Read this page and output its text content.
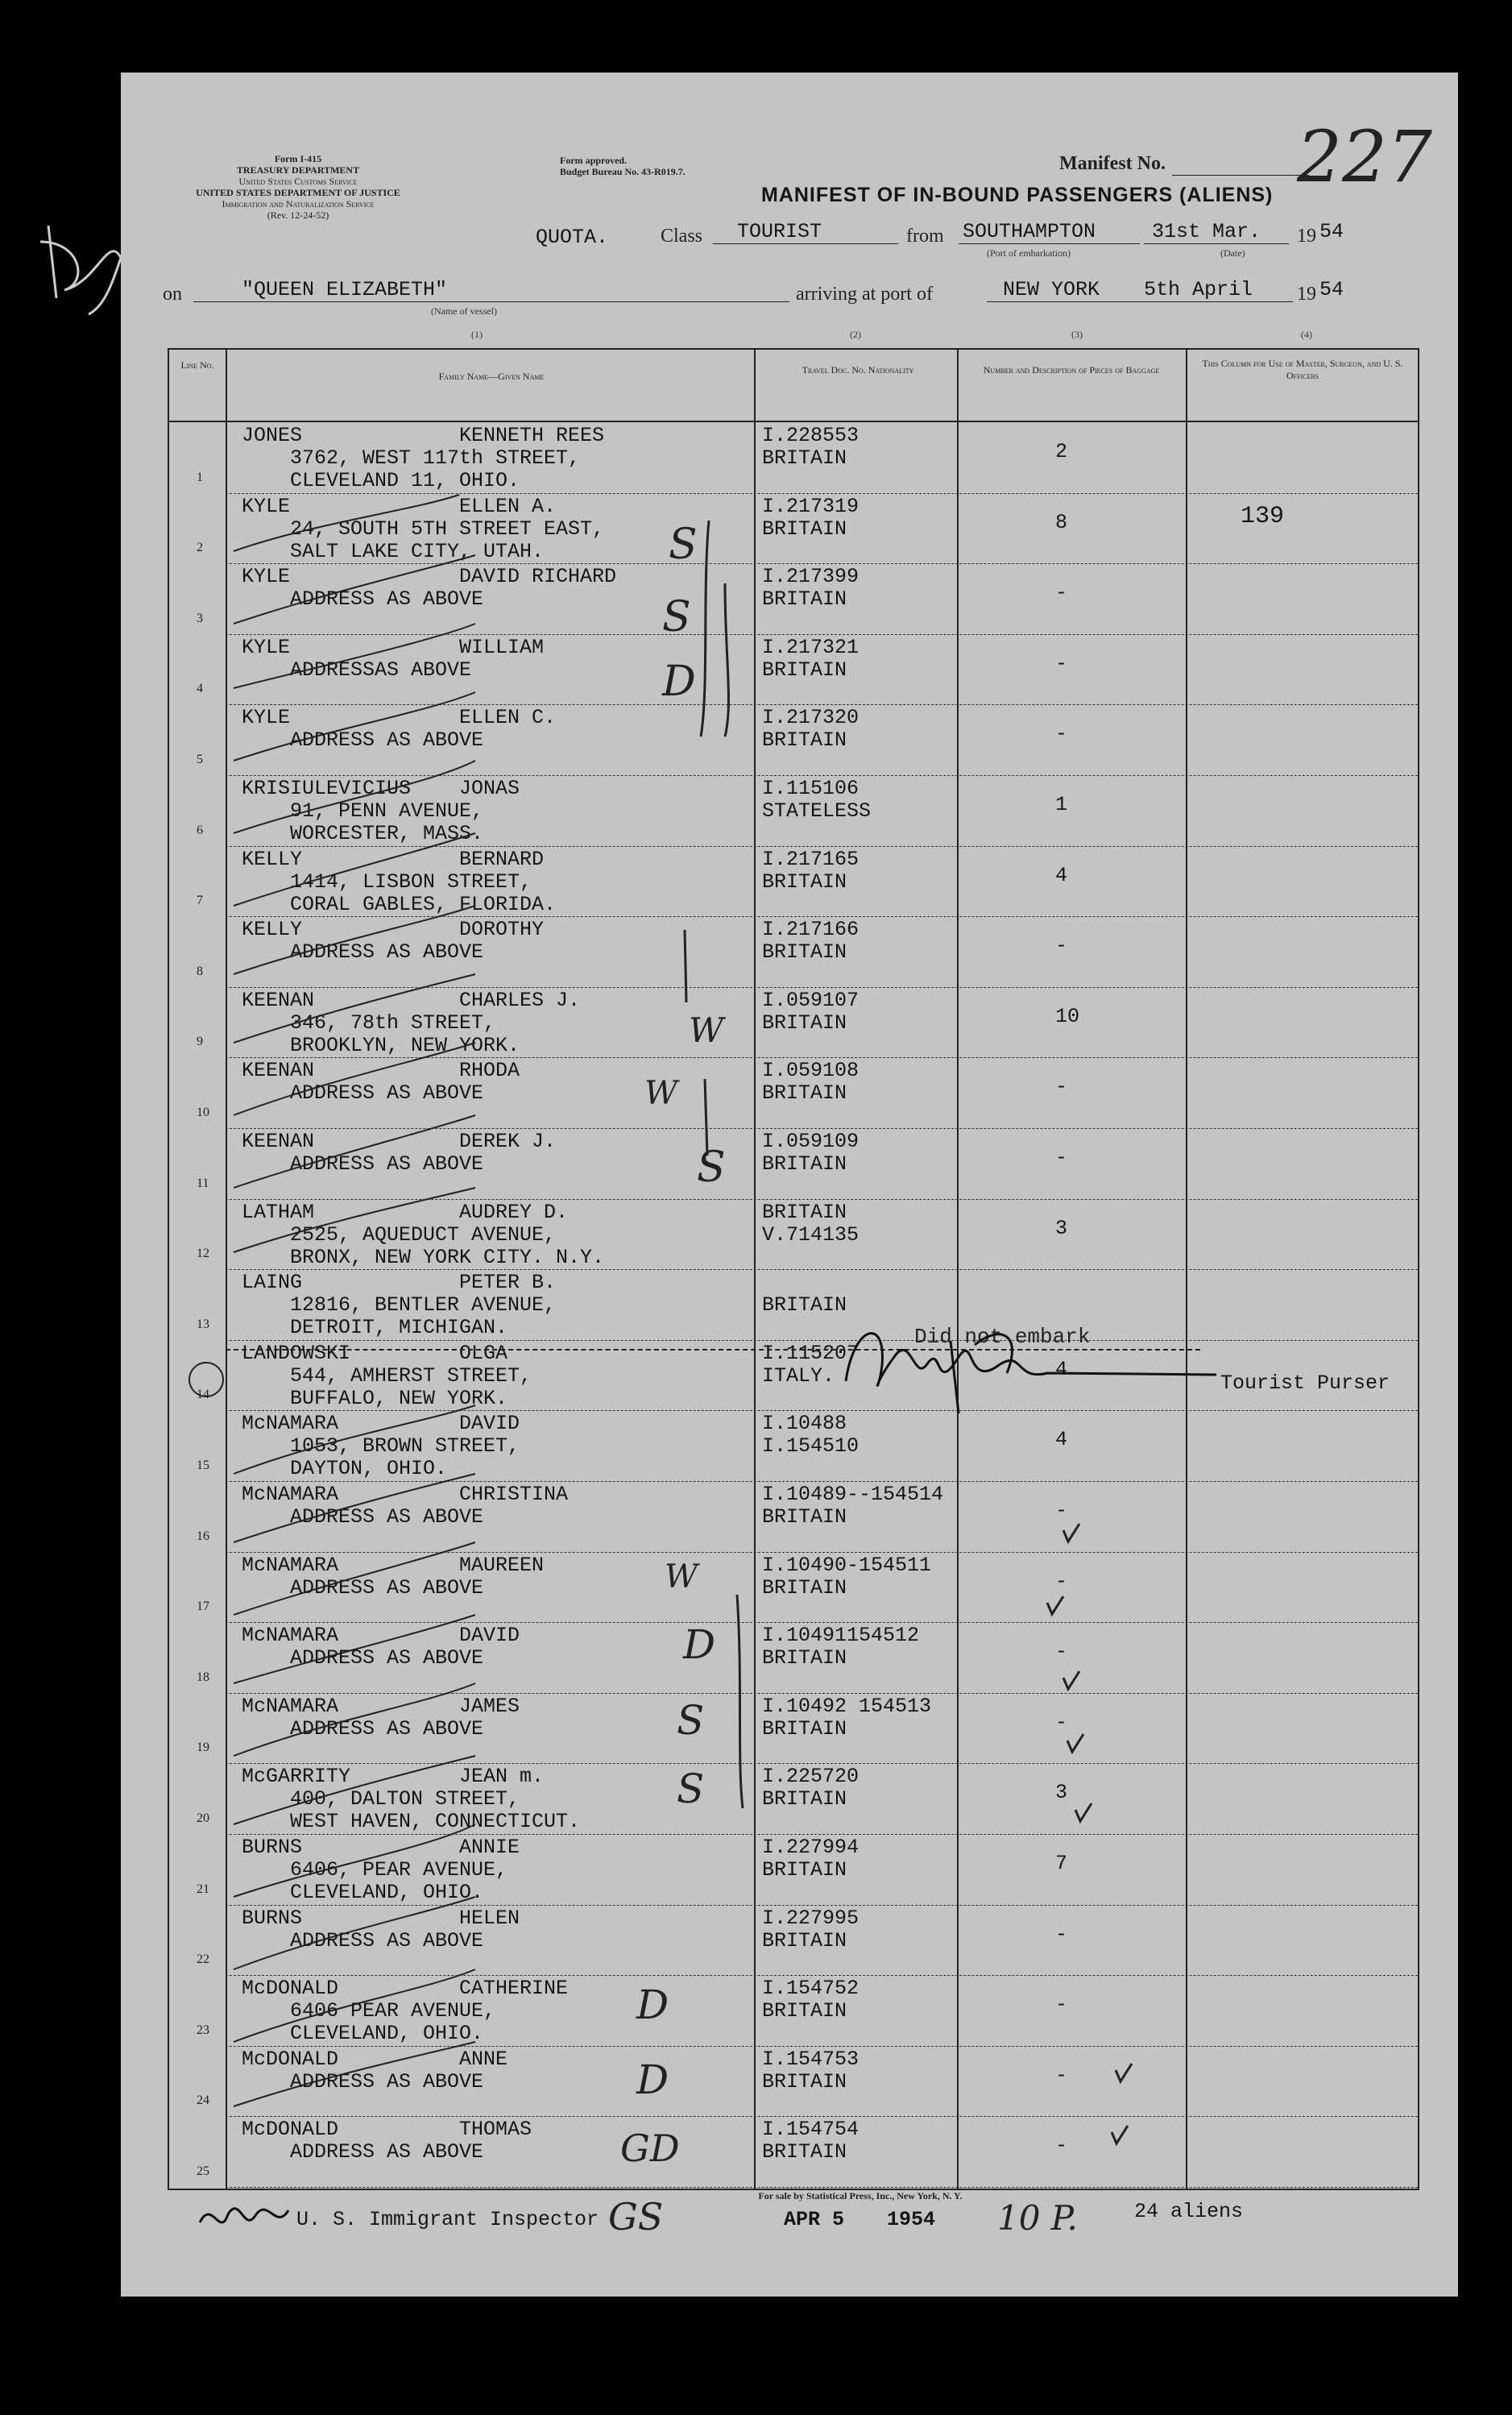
Form I-415
TREASURY DEPARTMENT
United States Customs Service
UNITED STATES DEPARTMENT OF JUSTICE
Immigration and Naturalization Service
(Rev. 12-24-52)
Form approved.
Budget Bureau No. 43-R019.7.	Manifest No. 227
MANIFEST OF IN-BOUND PASSENGERS (ALIENS)
QUOTA.	Class TOURIST	from SOUTHAMPTON
(Port of embarkation)
31st Mar.
(Date)
19 54
on	"QUEEN ELIZABETH"
(Name of vessel)
arriving at port of	NEW YORK 5th April 19 54
(1)	(2)	(3)	(4)
Line No.
Family Name—Given Name
Travel Doc. No. Nationality	Number and Description of Pieces of Baggage
This Column for Use of Master, Surgeon, and U. S. Officers
1
JONES	KENNETH REES
3762, WEST 117th STREET,
CLEVELAND 11, OHIO.
I.228553
BRITAIN	2
2
KYLE	ELLEN A.
24, SOUTH 5TH STREET EAST,
SALT LAKE CITY, UTAH.
I.217319
BRITAIN	8	139
3
KYLE	DAVID RICHARD
ADDRESS AS ABOVE
I.217399
BRITAIN	-
4
KYLE	WILLIAM
ADDRESSAS ABOVE
I.217321
BRITAIN	-
5
KYLE	ELLEN C.
ADDRESS AS ABOVE
I.217320
BRITAIN	-
6
KRISIULEVICIUS JONAS
91, PENN AVENUE,
WORCESTER, MASS.
I.115106
STATELESS	1
7
KELLY	BERNARD
1414, LISBON STREET,
CORAL GABLES, FLORIDA.
I.217165
BRITAIN	4
8
KELLY	DOROTHY
ADDRESS AS ABOVE
I.217166
BRITAIN	-
9
KEENAN	CHARLES J.
346, 78th STREET,
BROOKLYN, NEW YORK.
I.059107
BRITAIN	10
10
KEENAN	RHODA
ADDRESS AS ABOVE
I.059108
BRITAIN	-
11
KEENAN	DEREK J.
ADDRESS AS ABOVE
I.059109
BRITAIN	-
12
LATHAM	AUDREY D.
2525, AQUEDUCT AVENUE,
BRONX, NEW YORK CITY. N.Y.
BRITAIN
V.714135	3
13
LAING	PETER B.
12816, BENTLER AVENUE,
DETROIT, MICHIGAN.
BRITAIN
14
LANDOWSKI	OLGA
544, AMHERST STREET,
BUFFALO, NEW YORK.
I.115207
ITALY.	4
15
McNAMARA	DAVID
1053, BROWN STREET,
DAYTON, OHIO.
I.10488
I.154510	4
16
McNAMARA	CHRISTINA
ADDRESS AS ABOVE
I.10489--154514
BRITAIN	-
17
McNAMARA	MAUREEN
ADDRESS AS ABOVE
I.10490-154511
BRITAIN	-
18
McNAMARA	DAVID
ADDRESS AS ABOVE
I.10491154512
BRITAIN	-
19
McNAMARA	JAMES
ADDRESS AS ABOVE
I.10492 154513
BRITAIN	-
20
McGARRITY	JEAN m.
400, DALTON STREET,
WEST HAVEN, CONNECTICUT.
I.225720
BRITAIN	3
21
BURNS	ANNIE
6406, PEAR AVENUE,
CLEVELAND, OHIO.
I.227994
BRITAIN	7
22
BURNS	HELEN
ADDRESS AS ABOVE
I.227995
BRITAIN	-
23
McDONALD	CATHERINE
6406 PEAR AVENUE,
CLEVELAND, OHIO.
I.154752
BRITAIN	-
24
McDONALD	ANNE
ADDRESS AS ABOVE
I.154753
BRITAIN	-
25
McDONALD	THOMAS
ADDRESS AS ABOVE
I.154754
BRITAIN	-
Did not embark
Tourist Purser
S
S
D
W
W
S
W
D
S
S
D
D
GD
GS	For sale by Statistical Press, Inc., New York, N. Y.
U. S. Immigrant Inspector	APR 5 1954 10 P.	24 aliens
